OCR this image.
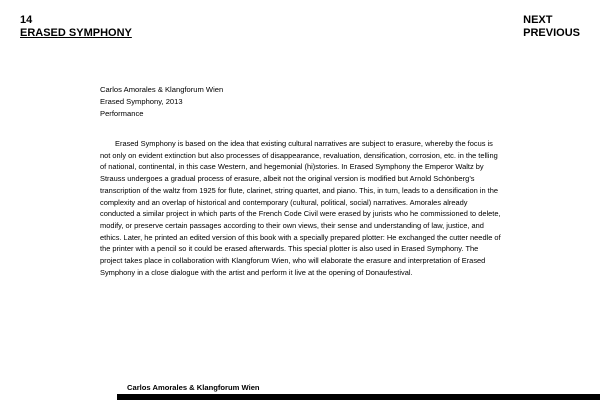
14
ERASED SYMPHONY
NEXT
PREVIOUS
Carlos Amorales & Klangforum Wien
Erased Symphony, 2013
Performance

Erased Symphony is based on the idea that existing cultural narratives are subject to erasure, whereby the focus is not only on evident extinction but also processes of disappearance, revaluation, densification, corrosion, etc. in the telling of national, continental, in this case Western, and hegemonial (hi)stories. In Erased Symphony the Emperor Waltz by Strauss undergoes a gradual process of erasure, albeit not the original version is modified but Arnold Schönberg’s transcription of the waltz from 1925 for flute, clarinet, string quartet, and piano. This, in turn, leads to a densification in the complexity and an overlap of historical and contemporary (cultural, political, social) narratives. Amorales already conducted a similar project in which parts of the French Code Civil were erased by jurists who he commissioned to delete, modify, or preserve certain passages according to their own views, their sense and understanding of law, justice, and ethics. Later, he printed an edited version of this book with a specially prepared plotter: He exchanged the cutter needle of the printer with a pencil so it could be erased afterwards. This special plotter is also used in Erased Symphony. The project takes place in collaboration with Klangforum Wien, who will elaborate the erasure and interpretation of Erased Symphony in a close dialogue with the artist and perform it live at the opening of Donaufestival.

Carlos Amorales & Klangforum Wien
